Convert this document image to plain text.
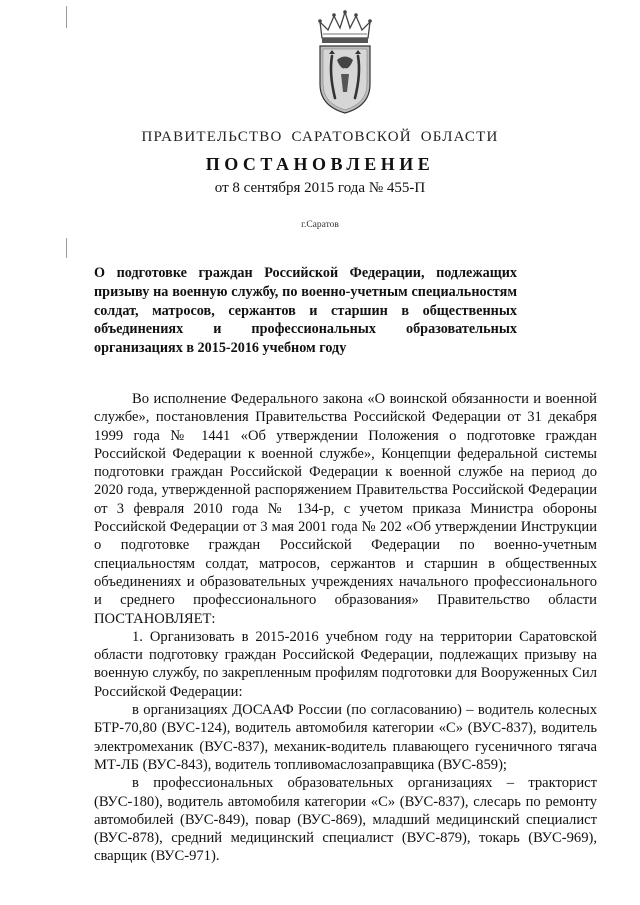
ПРАВИТЕЛЬСТВО САРАТОВСКОЙ ОБЛАСТИ
ПОСТАНОВЛЕНИЕ
от 8 сентября 2015 года № 455-П
г.Саратов

О подготовке граждан Российской Федерации, подлежащих призыву на военную службу, по военно-учетным специальностям солдат, матросов, сержантов и старшин в общественных объединениях и профессиональных образовательных организациях в 2015-2016 учебном году

Во исполнение Федерального закона «О воинской обязанности и военной службе», постановления Правительства Российской Федерации от 31 декабря 1999 года № 1441 «Об утверждении Положения о подготовке граждан Российской Федерации к военной службе», Концепции федеральной системы подготовки граждан Российской Федерации к военной службе на период до 2020 года, утвержденной распоряжением Правительства Российской Федерации от 3 февраля 2010 года № 134-р, с учетом приказа Министра обороны Российской Федерации от 3 мая 2001 года № 202 «Об утверждении Инструкции о подготовке граждан Российской Федерации по военно-учетным специальностям солдат, матросов, сержантов и старшин в общественных объединениях и образовательных учреждениях начального профессионального и среднего профессионального образования» Правительство области ПОСТАНОВЛЯЕТ:

1. Организовать в 2015-2016 учебном году на территории Саратовской области подготовку граждан Российской Федерации, подлежащих призыву на военную службу, по закрепленным профилям подготовки для Вооруженных Сил Российской Федерации:

в организациях ДОСААФ России (по согласованию) – водитель колесных БТР-70,80 (ВУС-124), водитель автомобиля категории «С» (ВУС-837), водитель электромеханик (ВУС-837), механик-водитель плавающего гусеничного тягача МТ-ЛБ (ВУС-843), водитель топливомаслозаправщика (ВУС-859);

в профессиональных образовательных организациях – тракторист (ВУС-180), водитель автомобиля категории «С» (ВУС-837), слесарь по ремонту автомобилей (ВУС-849), повар (ВУС-869), младший медицинский специалист (ВУС-878), средний медицинский специалист (ВУС-879), токарь (ВУС-969), сварщик (ВУС-971).
